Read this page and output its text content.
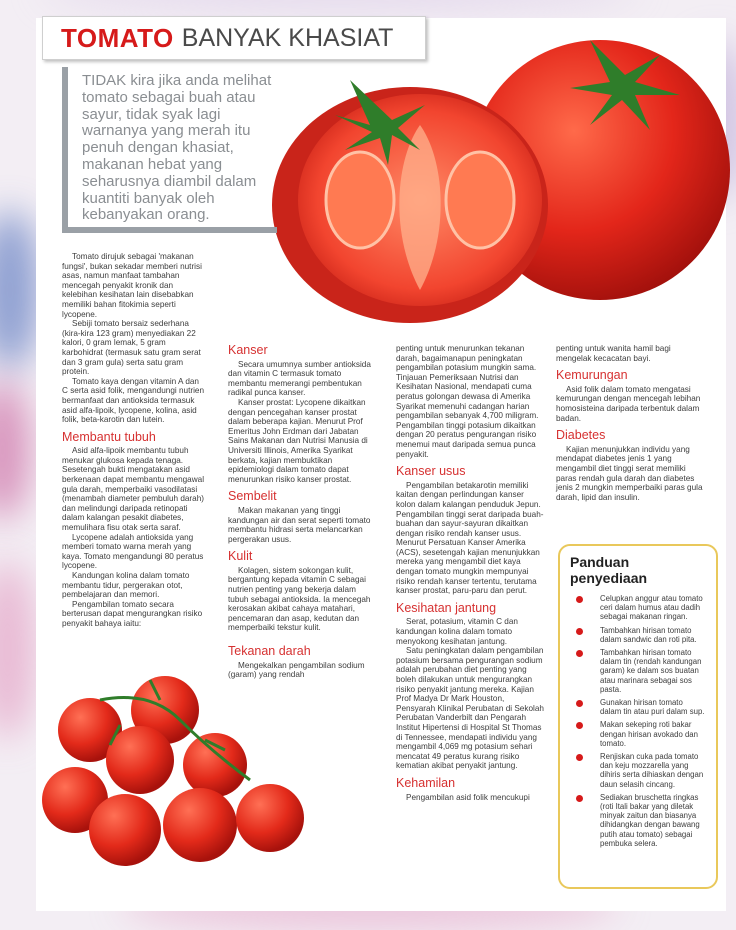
TOMATO BANYAK KHASIAT

TIDAK kira jika anda melihat tomato sebagai buah atau sayur, tidak syak lagi warnanya yang merah itu penuh dengan khasiat, makanan hebat yang seharusnya diambil dalam kuantiti banyak oleh kebanyakan orang.

Tomato dirujuk sebagai 'makanan fungsi', bukan sekadar memberi nutrisi asas, namun manfaat tambahan mencegah penyakit kronik dan kelebihan kesihatan lain disebabkan memiliki bahan fitokimia seperti lycopene.

Sebiji tomato bersaiz sederhana (kira-kira 123 gram) menyediakan 22 kalori, 0 gram lemak, 5 gram karbohidrat (termasuk satu gram serat dan 3 gram gula) serta satu gram protein.

Tomato kaya dengan vitamin A dan C serta asid folik, mengandungi nutrien bermanfaat dan antioksida termasuk asid alfa-lipoik, lycopene, kolina, asid folik, beta-karotin dan lutein.

Membantu tubuh

Asid alfa-lipoik membantu tubuh menukar glukosa kepada tenaga. Sesetengah bukti mengatakan asid berkenaan dapat membantu mengawal gula darah, memperbaiki vasodilatasi (menambah diameter pembuluh darah) dan melindungi daripada retinopati dalam kalangan pesakit diabetes, memulihara fisu otak serta saraf.

Lycopene adalah antioksida yang memberi tomato warna merah yang kaya. Tomato mengandungi 80 peratus lycopene.

Kandungan kolina dalam tomato membantu tidur, pergerakan otot, pembelajaran dan memori.

Pengambilan tomato secara berterusan dapat mengurangkan risiko penyakit bahaya iaitu:

Kanser

Secara umumnya sumber antioksida dan vitamin C termasuk tomato membantu memerangi pembentukan radikal punca kanser.

Kanser prostat: Lycopene dikaitkan dengan pencegahan kanser prostat dalam beberapa kajian. Menurut Prof Emeritus John Erdman dari Jabatan Sains Makanan dan Nutrisi Manusia di Universiti Illinois, Amerika Syarikat berkata, kajian membuktikan epidemiologi dalam tomato dapat menurunkan risiko kanser prostat.

Sembelit

Makan makanan yang tinggi kandungan air dan serat seperti tomato membantu hidrasi serta melancarkan pergerakan usus.

Kulit

Kolagen, sistem sokongan kulit, bergantung kepada vitamin C sebagai nutrien penting yang bekerja dalam tubuh sebagai antioksida. Ia mencegah kerosakan akibat cahaya matahari, pencemaran dan asap, kedutan dan memperbaiki tekstur kulit.

Tekanan darah

Mengekalkan pengambilan sodium (garam) yang rendah

penting untuk menurunkan tekanan darah, bagaimanapun peningkatan pengambilan potasium mungkin sama. Tinjauan Pemeriksaan Nutrisi dan Kesihatan Nasional, mendapati cuma peratus golongan dewasa di Amerika Syarikat memenuhi cadangan harian pengambilan sebanyak 4,700 miligram. Pengambilan tinggi potasium dikaitkan dengan 20 peratus pengurangan risiko menemui maut daripada semua punca penyakit.

Kanser usus

Pengambilan betakarotin memiliki kaitan dengan perlindungan kanser kolon dalam kalangan penduduk Jepun. Pengambilan tinggi serat daripada buah-buahan dan sayur-sayuran dikaitkan dengan risiko rendah kanser usus. Menurut Persatuan Kanser Amerika (ACS), sesetengah kajian menunjukkan mereka yang mengambil diet kaya dengan tomato mungkin mempunyai risiko rendah kanser tertentu, terutama kanser prostat, paru-paru dan perut.

Kesihatan jantung

Serat, potasium, vitamin C dan kandungan kolina dalam tomato menyokong kesihatan jantung.

Satu peningkatan dalam pengambilan potasium bersama pengurangan sodium adalah perubahan diet penting yang boleh dilakukan untuk mengurangkan risiko penyakit jantung mereka. Kajian Prof Madya Dr Mark Houston, Pensyarah Klinikal Perubatan di Sekolah Perubatan Vanderbilt dan Pengarah Institut Hipertensi di Hospital St Thomas di Tennessee, mendapati individu yang mengambil 4,069 mg potasium sehari mencatat 49 peratus kurang risiko kematian akibat penyakit jantung.

Kehamilan

Pengambilan asid folik mencukupi

penting untuk wanita hamil bagi mengelak kecacatan bayi.

Kemurungan

Asid folik dalam tomato mengatasi kemurungan dengan mencegah lebihan homosisteina daripada terbentuk dalam badan.

Diabetes

Kajian menunjukkan individu yang mendapat diabetes jenis 1 yang mengambil diet tinggi serat memiliki paras rendah gula darah dan diabetes jenis 2 mungkin memperbaiki paras gula darah, lipid dan insulin.

Panduan penyediaan
Celupkan anggur atau tomato ceri dalam humus atau dadih sebagai makanan ringan.
Tambahkan hirisan tomato dalam sandwic dan roti pita.
Tambahkan hirisan tomato dalam tin (rendah kandungan garam) ke dalam sos buatan atau marinara sebagai sos pasta.
Gunakan hirisan tomato dalam tin atau puri dalam sup.
Makan sekeping roti bakar dengan hirisan avokado dan tomato.
Renjiskan cuka pada tomato dan keju mozzarella yang dihiris serta dihiaskan dengan daun selasih cincang.
Sediakan bruschetta ringkas (roti Itali bakar yang diletak minyak zaitun dan biasanya dihidangkan dengan bawang putih atau tomato) sebagai pembuka selera.
